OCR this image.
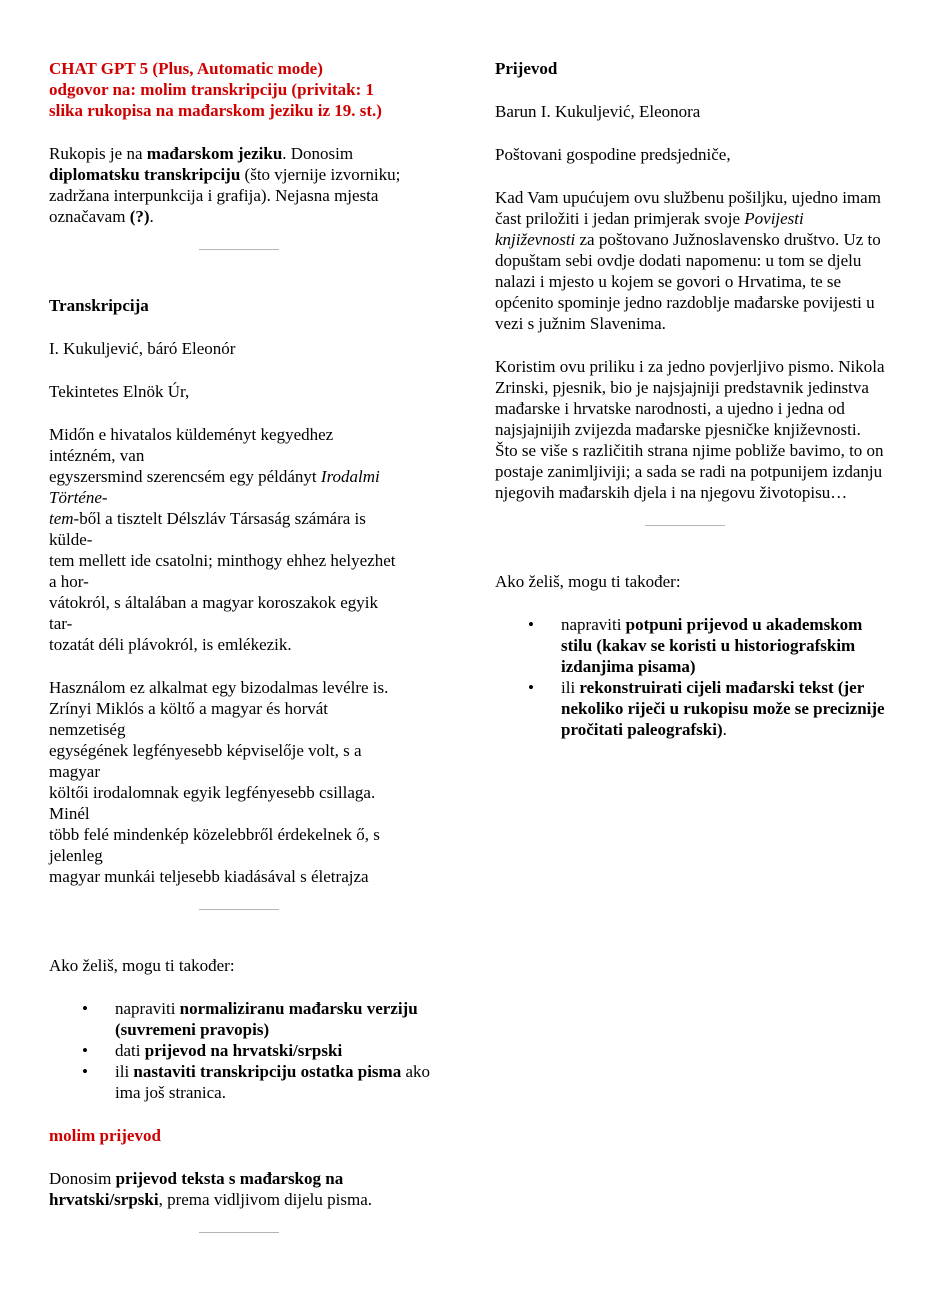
CHAT GPT 5 (Plus, Automatic mode)
odgovor na: molim transkripciju (privitak: 1
slika rukopisa na mađarskom jeziku iz 19. st.)

Rukopis je na mađarskom jeziku. Donosim diplomatsku transkripciju (što vjernije izvorniku; zadržana interpunkcija i grafija). Nejasna mjesta označavam (?).

Transkripcija

I. Kukuljević, báró Eleonór

Tekintetes Elnök Úr,

Midőn e hivatalos küldeményt kegyedhez
intézném, van
egyszersmind szerencsém egy példányt Irodalmi
Történe-
tem-ből a tisztelt Délszláv Társaság számára is
külde-
tem mellett ide csatolni; minthogy ehhez helyezhet
a hor-
vátokról, s általában a magyar koroszakok egyik
tar-
tozatát déli plávokról, is emlékezik.

Használom ez alkalmat egy bizodalmas levélre is.
Zrínyi Miklós a költő a magyar és horvát
nemzetiség
egységének legfényesebb képviselője volt, s a
magyar
költői irodalomnak egyik legfényesebb csillaga.
Minél
több felé mindenkép közelebbről érdekelnek ő, s
jelenleg
magyar munkái teljesebb kiadásával s életrajza

Ako želiš, mogu ti također:

• napraviti normaliziranu mađarsku verziju (suvremeni pravopis)
• dati prijevod na hrvatski/srpski
• ili nastaviti transkripciju ostatka pisma ako ima još stranica.

molim prijevod

Donosim prijevod teksta s mađarskog na hrvatski/srpski, prema vidljivom dijelu pisma.

Prijevod

Barun I. Kukuljević, Eleonora

Poštovani gospodine predsjedniče,

Kad Vam upućujem ovu službenu pošiljku, ujedno imam čast priložiti i jedan primjerak svoje Povijesti književnosti za poštovano Južnoslavensko društvo. Uz to dopuštam sebi ovdje dodati napomenu: u tom se djelu nalazi i mjesto u kojem se govori o Hrvatima, te se općenito spominje jedno razdoblje mađarske povijesti u vezi s južnim Slavenima.

Koristim ovu priliku i za jedno povjerljivo pismo. Nikola Zrinski, pjesnik, bio je najsjajniji predstavnik jedinstva mađarske i hrvatske narodnosti, a ujedno i jedna od najsjajnijih zvijezda mađarske pjesničke književnosti. Što se više s različitih strana njime pobliže bavimo, to on postaje zanimljiviji; a sada se radi na potpunijem izdanju njegovih mađarskih djela i na njegovu životopisu…

Ako želiš, mogu ti također:

• napraviti potpuni prijevod u akademskom stilu (kakav se koristi u historiografskim izdanjima pisama)
• ili rekonstruirati cijeli mađarski tekst (jer nekoliko riječi u rukopisu može se preciznije pročitati paleografski).
